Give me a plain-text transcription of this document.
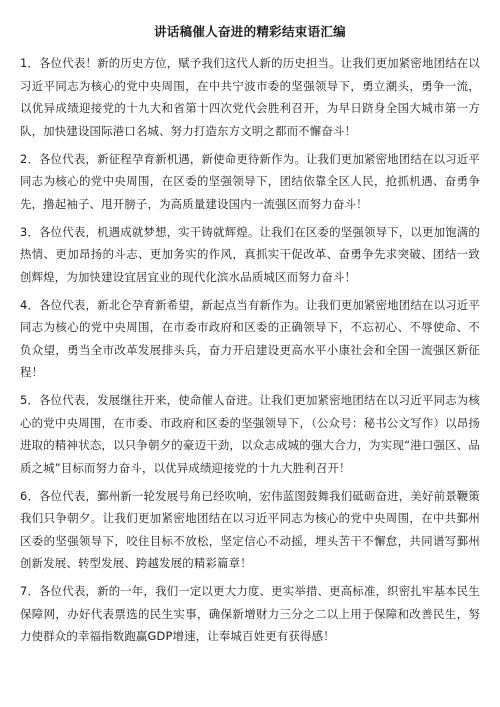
讲话稿催人奋进的精彩结束语汇编

1．各位代表！新的历史方位，赋予我们这代人新的历史担当。让我们更加紧密地团结在以习近平同志为核心的党中央周围，在中共宁波市委的坚强领导下，勇立潮头，勇争一流，以优异成绩迎接党的十九大和省第十四次党代会胜利召开，为早日跻身全国大城市第一方队，加快建设国际港口名城、努力打造东方文明之都而不懈奋斗！

2．各位代表，新征程孕育新机遇，新使命更待新作为。让我们更加紧密地团结在以习近平同志为核心的党中央周围，在区委的坚强领导下，团结依靠全区人民，抢抓机遇、奋勇争先，撸起袖子、甩开膀子，为高质量建设国内一流强区而努力奋斗！

3．各位代表，机遇成就梦想，实干铸就辉煌。让我们在区委的坚强领导下，以更加饱满的热情、更加昂扬的斗志、更加务实的作风，真抓实干促改革、奋勇争先求突破、团结一致创辉煌，为加快建设宜居宜业的现代化滨水品质城区而努力奋斗！

4．各位代表，新北仑孕育新希望，新起点当有新作为。让我们更加紧密地团结在以习近平同志为核心的党中央周围，在市委市政府和区委的正确领导下，不忘初心、不辱使命、不负众望，勇当全市改革发展排头兵，奋力开启建设更高水平小康社会和全国一流强区新征程！

5．各位代表，发展继往开来，使命催人奋进。让我们更加紧密地团结在以习近平同志为核心的党中央周围，在市委、市政府和区委的坚强领导下，（公众号：秘书公文写作）以昂扬进取的精神状态，以只争朝夕的豪迈干劲，以众志成城的强大合力，为实现“港口强区、品质之城”目标而努力奋斗，以优异成绩迎接党的十九大胜利召开！

6．各位代表，鄞州新一轮发展号角已经吹响，宏伟蓝图鼓舞我们砥砺奋进，美好前景鞭策我们只争朝夕。让我们更加紧密地团结在以习近平同志为核心的党中央周围，在中共鄞州区委的坚强领导下，咬住目标不放松，坚定信心不动摇，埋头苦干不懈怠，共同谱写鄞州创新发展、转型发展、跨越发展的精彩篇章！

7．各位代表，新的一年，我们一定以更大力度、更实举措、更高标准，织密扎牢基本民生保障网，办好代表票选的民生实事，确保新增财力三分之二以上用于保障和改善民生，努力使群众的幸福指数跑赢GDP增速，让奉城百姓更有获得感！
